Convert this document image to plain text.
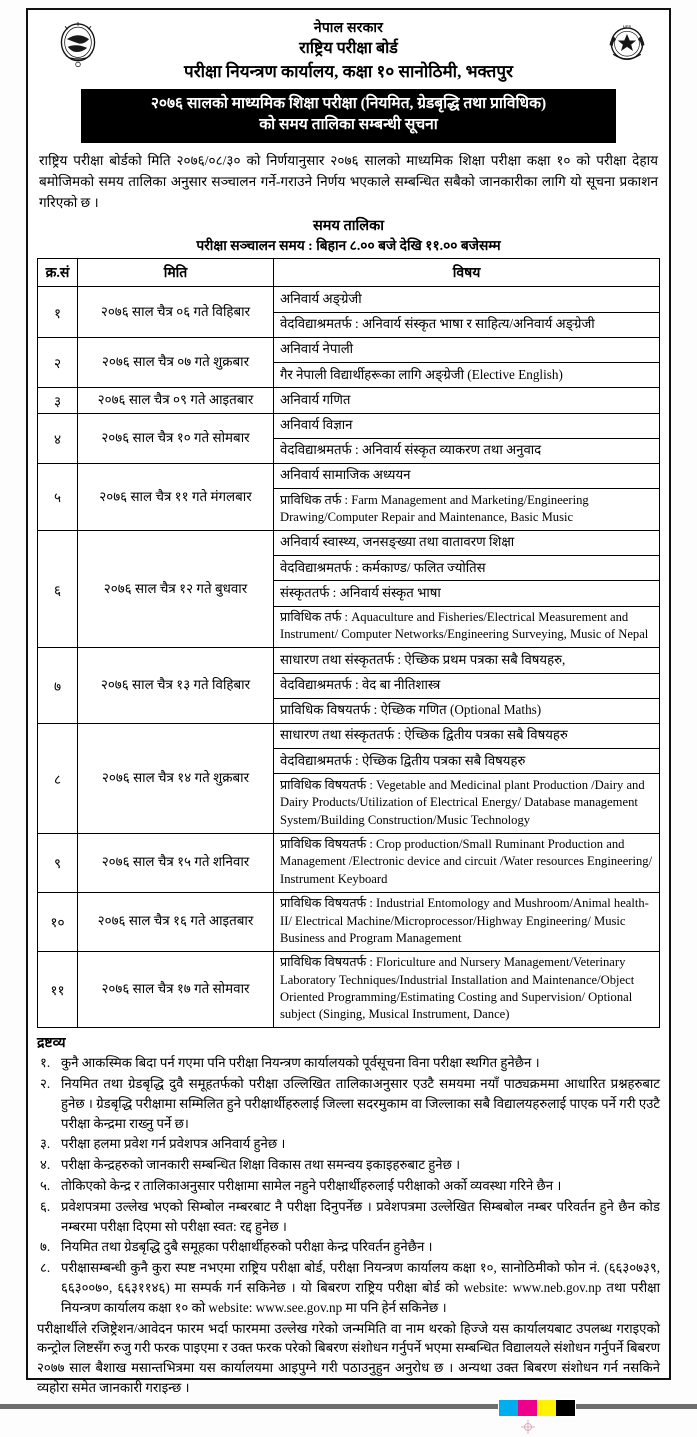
नेपाल सरकार
राष्ट्रिय परीक्षा बोर्ड
परीक्षा नियन्त्रण कार्यालय, कक्षा १० सानोठिमी, भक्तपुर
NEB
२०७६ सालको माध्यमिक शिक्षा परीक्षा (नियमित, ग्रेडबृद्धि तथा प्राविधिक)
को समय तालिका सम्बन्धी सूचना
राष्ट्रिय परीक्षा बोर्डको मिति २०७६/०८/३० को निर्णयानुसार २०७६ सालको माध्यमिक शिक्षा परीक्षा कक्षा १० को परीक्षा देहाय बमोजिमको समय तालिका अनुसार सञ्चालन गर्ने-गराउने निर्णय भएकाले सम्बन्धित सबैको जानकारीका लागि यो सूचना प्रकाशन गरिएको छ ।
समय तालिका
परीक्षा सञ्चालन समय : बिहान ८.०० बजे देखि ११.०० बजेसम्म
क्र.सं	मिति	विषय
१	२०७६ साल चैत्र ०६ गते विहिबार	अनिवार्य अङ्ग्रेजी
		वेदविद्याश्रमतर्फ : अनिवार्य संस्कृत भाषा र साहित्य/अनिवार्य अङ्ग्रेजी
२	२०७६ साल चैत्र ०७ गते शुक्रबार	अनिवार्य नेपाली
		गैर नेपाली विद्यार्थीहरूका लागि अङ्ग्रेजी (Elective English)
३	२०७६ साल चैत्र ०९ गते आइतबार	अनिवार्य गणित
४	२०७६ साल चैत्र १० गते सोमबार	अनिवार्य विज्ञान
		वेदविद्याश्रमतर्फ : अनिवार्य संस्कृत व्याकरण तथा अनुवाद
५	२०७६ साल चैत्र ११ गते मंगलबार	अनिवार्य सामाजिक अध्ययन
		प्राविधिक तर्फ : Farm Management and Marketing/Engineering Drawing/Computer Repair and Maintenance, Basic Music
६	२०७६ साल चैत्र १२ गते बुधवार	अनिवार्य स्वास्थ्य, जनसङ्ख्या तथा वातावरण शिक्षा
		वेदविद्याश्रमतर्फ : कर्मकाण्ड/ फलित ज्योतिस
		संस्कृततर्फ : अनिवार्य संस्कृत भाषा
		प्राविधिक तर्फ : Aquaculture and Fisheries/Electrical Measurement and Instrument/ Computer Networks/Engineering Surveying, Music of Nepal
७	२०७६ साल चैत्र १३ गते विहिबार	साधारण तथा संस्कृततर्फ : ऐच्छिक प्रथम पत्रका सबै विषयहरु,
		वेदविद्याश्रमतर्फ : वेद बा नीतिशास्त्र
		प्राविधिक विषयतर्फ : ऐच्छिक गणित (Optional Maths)
८	२०७६ साल चैत्र १४ गते शुक्रबार	साधारण तथा संस्कृततर्फ : ऐच्छिक द्वितीय पत्रका सबै विषयहरु
		वेदविद्याश्रमतर्फ : ऐच्छिक द्वितीय पत्रका सबै विषयहरु
		प्राविधिक विषयतर्फ : Vegetable and Medicinal plant Production /Dairy and Dairy Products/Utilization of Electrical Energy/ Database management System/Building Construction/Music Technology
९	२०७६ साल चैत्र १५ गते शनिवार	प्राविधिक विषयतर्फ : Crop production/Small Ruminant Production and Management /Electronic device and circuit /Water resources Engineering/ Instrument Keyboard
१०	२०७६ साल चैत्र १६ गते आइतबार	प्राविधिक विषयतर्फ : Industrial Entomology and Mushroom/Animal health-II/ Electrical Machine/Microprocessor/Highway Engineering/ Music Business and Program Management
११	२०७६ साल चैत्र १७ गते सोमवार	प्राविधिक विषयतर्फ : Floriculture and Nursery Management/Veterinary Laboratory Techniques/Industrial Installation and Maintenance/Object Oriented Programming/Estimating Costing and Supervision/ Optional subject (Singing, Musical Instrument, Dance)
द्रष्टव्य
१. कुनै आकस्मिक बिदा पर्न गएमा पनि परीक्षा नियन्त्रण कार्यालयको पूर्वसूचना विना परीक्षा स्थगित हुनेछैन ।
२. नियमित तथा ग्रेडबृद्धि दुवै समूहतर्फको परीक्षा उल्लिखित तालिकाअनुसार एउटै समयमा नयाँ पाठ्यक्रममा आधारित प्रश्नहरुबाट हुनेछ । ग्रेडबृद्धि परीक्षामा सम्मिलित हुने परीक्षार्थीहरुलाई जिल्ला सदरमुकाम वा जिल्लाका सबै विद्यालयहरुलाई पाएक पर्ने गरी एउटै परीक्षा केन्द्रमा राख्नु पर्ने छ।
३. परीक्षा हलमा प्रवेश गर्न प्रवेशपत्र अनिवार्य हुनेछ ।
४. परीक्षा केन्द्रहरुको जानकारी सम्बन्धित शिक्षा विकास तथा समन्वय इकाइहरुबाट हुनेछ ।
५. तोकिएको केन्द्र र तालिकाअनुसार परीक्षामा सामेल नहुने परीक्षार्थीहरुलाई परीक्षाको अर्को व्यवस्था गरिने छैन ।
६. प्रवेशपत्रमा उल्लेख भएको सिम्बोल नम्बरबाट नै परीक्षा दिनुपर्नेछ । प्रवेशपत्रमा उल्लेखित सिम्बबोल नम्बर परिवर्तन हुने छैन कोड नम्बरमा परीक्षा दिएमा सो परीक्षा स्वत: रद्द हुनेछ ।
७. नियमित तथा ग्रेडबृद्धि दुबै समूहका परीक्षार्थीहरुको परीक्षा केन्द्र परिवर्तन हुनेछैन ।
८. परीक्षासम्बन्धी कुनै कुरा स्पष्ट नभएमा राष्ट्रिय परीक्षा बोर्ड, परीक्षा नियन्त्रण कार्यालय कक्षा १०, सानोठिमीको फोन नं. (६६३०७३९, ६६३००७०, ६६३११४६) मा सम्पर्क गर्न सकिनेछ । यो बिबरण राष्ट्रिय परीक्षा बोर्ड को website: www.neb.gov.np तथा परीक्षा नियन्त्रण कार्यालय कक्षा १० को website: www.see.gov.np मा पनि हेर्न सकिनेछ ।
परीक्षार्थीले रजिष्ट्रेशन/आवेदन फारम भर्दा फारममा उल्लेख गरेको जन्ममिति वा नाम थरको हिज्जे यस कार्यालयबाट उपलब्ध गराइएको कन्ट्रोल लिष्टसँग रुजु गरी फरक पाइएमा र उक्त फरक परेको बिबरण संशोधन गर्नुपर्ने भएमा सम्बन्धित विद्यालयले संशोधन गर्नुपर्ने बिबरण २०७७ साल बैशाख मसान्तभित्रमा यस कार्यालयमा आइपुग्ने गरी पठाउनुहुन अनुरोध छ । अन्यथा उक्त बिबरण संशोधन गर्न नसकिने व्यहोरा समेत जानकारी गराइन्छ ।
